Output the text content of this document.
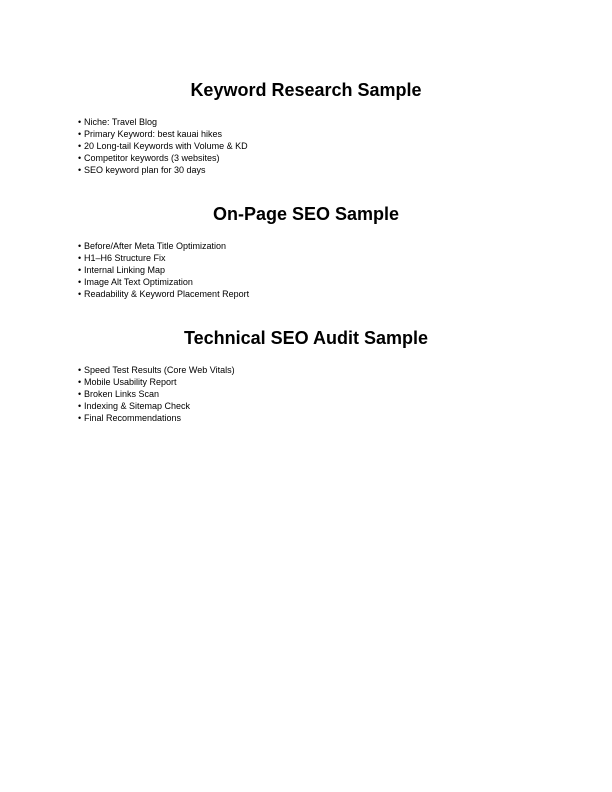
Keyword Research Sample
• Niche: Travel Blog
• Primary Keyword: best kauai hikes
• 20 Long-tail Keywords with Volume & KD
• Competitor keywords (3 websites)
• SEO keyword plan for 30 days
On-Page SEO Sample
• Before/After Meta Title Optimization
• H1–H6 Structure Fix
• Internal Linking Map
• Image Alt Text Optimization
• Readability & Keyword Placement Report
Technical SEO Audit Sample
• Speed Test Results (Core Web Vitals)
• Mobile Usability Report
• Broken Links Scan
• Indexing & Sitemap Check
• Final Recommendations
